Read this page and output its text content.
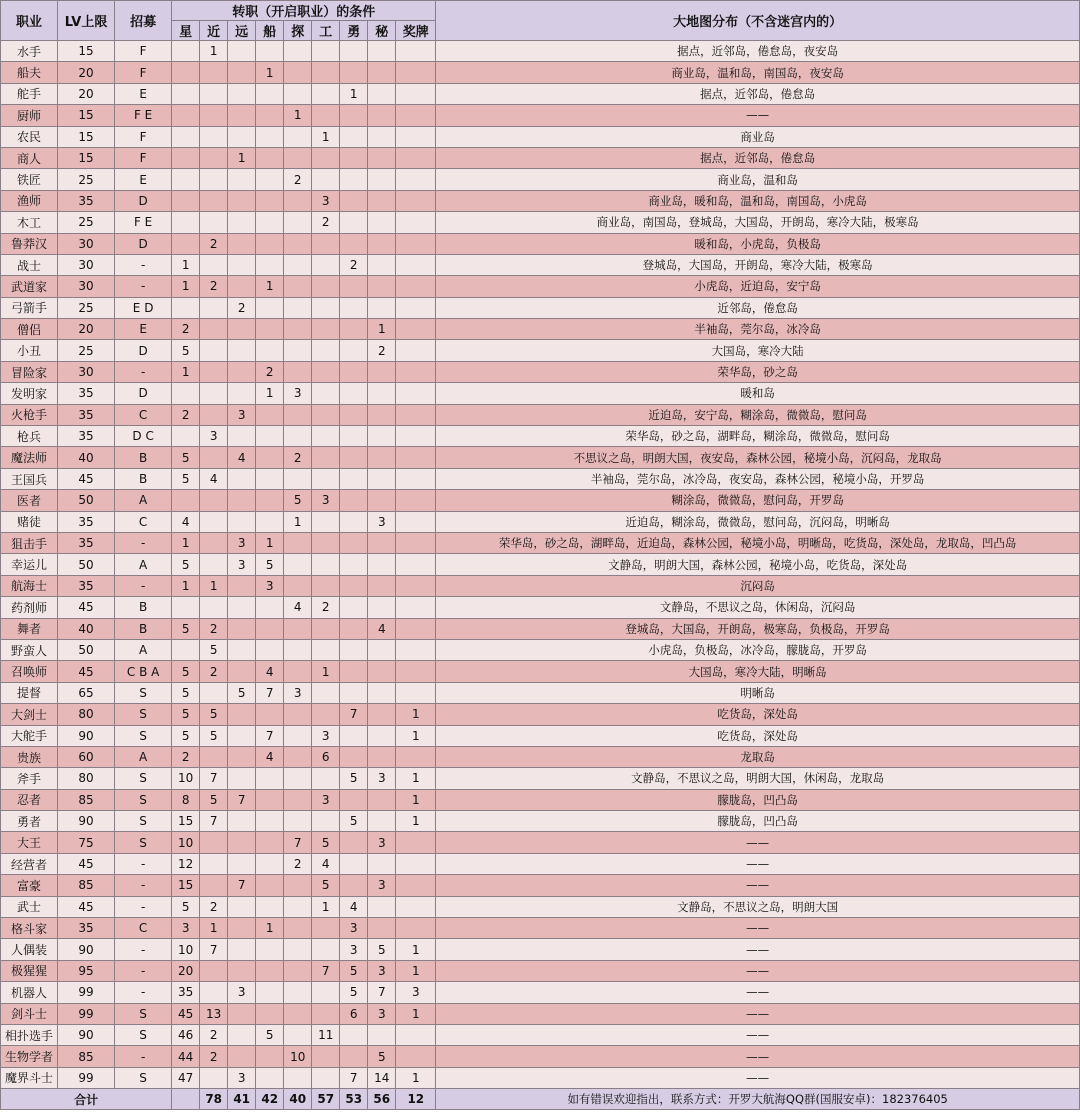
职业	LV上限	招募	转职（开启职业）的条件									大地图分布（不含迷宫内的）
			星	近	远	船	探	工	勇	秘	奖牌	
水手	15	F		1								据点，近邻岛，倦怠岛，夜安岛
船夫	20	F				1						商业岛，温和岛，南国岛，夜安岛
舵手	20	E							1			据点，近邻岛，倦怠岛
厨师	15	F E					1					——
农民	15	F						1				商业岛
商人	15	F			1							据点，近邻岛，倦怠岛
铁匠	25	E					2					商业岛，温和岛
渔师	35	D						3				商业岛，暖和岛，温和岛，南国岛，小虎岛
木工	25	F E						2				商业岛，南国岛，登城岛，大国岛，开朗岛，寒冷大陆，极寒岛
鲁莽汉	30	D		2								暖和岛，小虎岛，负极岛
战士	30	-	1						2			登城岛，大国岛，开朗岛，寒冷大陆，极寒岛
武道家	30	-	1	2		1						小虎岛，近迫岛，安宁岛
弓箭手	25	E D			2							近邻岛，倦怠岛
僧侣	20	E	2							1		半袖岛，莞尔岛，冰冷岛
小丑	25	D	5							2		大国岛，寒冷大陆
冒险家	30	-	1			2						荣华岛，砂之岛
发明家	35	D				1	3					暖和岛
火枪手	35	C	2		3							近迫岛，安宁岛，糊涂岛，微微岛，慰问岛
枪兵	35	D C		3								荣华岛，砂之岛，湖畔岛，糊涂岛，微微岛，慰问岛
魔法师	40	B	5		4		2					不思议之岛，明朗大国，夜安岛，森林公园，秘境小岛，沉闷岛，龙取岛
王国兵	45	B	5	4								半袖岛，莞尔岛，冰冷岛，夜安岛，森林公园，秘境小岛，开罗岛
医者	50	A					5	3				糊涂岛，微微岛，慰问岛，开罗岛
赌徒	35	C	4				1			3		近迫岛，糊涂岛，微微岛，慰问岛，沉闷岛，明晰岛
狙击手	35	-	1		3	1						荣华岛，砂之岛，湖畔岛，近迫岛，森林公园，秘境小岛，明晰岛，吃货岛，深处岛，龙取岛，凹凸岛
幸运儿	50	A	5		3	5						文静岛，明朗大国，森林公园，秘境小岛，吃货岛，深处岛
航海士	35	-	1	1		3						沉闷岛
药剂师	45	B					4	2				文静岛，不思议之岛，休闲岛，沉闷岛
舞者	40	B	5	2						4		登城岛，大国岛，开朗岛，极寒岛，负极岛，开罗岛
野蛮人	50	A		5								小虎岛，负极岛，冰冷岛，朦胧岛，开罗岛
召唤师	45	C B A	5	2		4		1				大国岛，寒冷大陆，明晰岛
提督	65	S	5		5	7	3					明晰岛
大剑士	80	S	5	5					7		1	吃货岛，深处岛
大舵手	90	S	5	5		7		3			1	吃货岛，深处岛
贵族	60	A	2			4		6				龙取岛
斧手	80	S	10	7					5	3	1	文静岛，不思议之岛，明朗大国，休闲岛，龙取岛
忍者	85	S	8	5	7			3			1	朦胧岛，凹凸岛
勇者	90	S	15	7					5		1	朦胧岛，凹凸岛
大王	75	S	10				7	5		3		——
经营者	45	-	12				2	4				——
富豪	85	-	15		7			5		3		——
武士	45	-	5	2				1	4			文静岛，不思议之岛，明朗大国
格斗家	35	C	3	1		1			3			——
人偶装	90	-	10	7					3	5	1	——
极猩猩	95	-	20					7	5	3	1	——
机器人	99	-	35		3				5	7	3	——
剑斗士	99	S	45	13					6	3	1	——
相扑选手	90	S	46	2		5		11				——
生物学者	85	-	44	2			10			5		——
魔界斗士	99	S	47		3				7	14	1	——
合计				78	41	42	40	57	53	56	12	如有错误欢迎指出，联系方式：开罗大航海QQ群(国服安卓)：182376405
